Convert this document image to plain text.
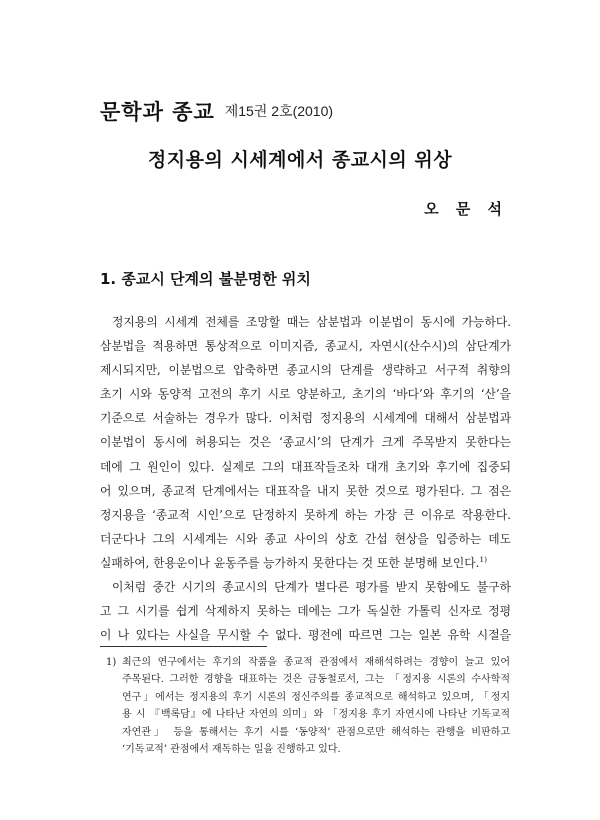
문학과 종교 제15권 2호(2010)
정지용의 시세계에서 종교시의 위상
오 문 석
1. 종교시 단계의 불분명한 위치
정지용의 시세계 전체를 조망할 때는 삼분법과 이분법이 동시에 가능하다.
삼분법을 적용하면 통상적으로 이미지즘, 종교시, 자연시(산수시)의 삼단계가
제시되지만, 이분법으로 압축하면 종교시의 단계를 생략하고 서구적 취향의
초기 시와 동양적 고전의 후기 시로 양분하고, 초기의 ‘바다’와 후기의 ‘산’을
기준으로 서술하는 경우가 많다. 이처럼 정지용의 시세계에 대해서 삼분법과
이분법이 동시에 허용되는 것은 ‘종교시’의 단계가 크게 주목받지 못한다는
데에 그 원인이 있다. 실제로 그의 대표작들조차 대개 초기와 후기에 집중되
어 있으며, 종교적 단계에서는 대표작을 내지 못한 것으로 평가된다. 그 점은
정지용을 ‘종교적 시인’으로 단정하지 못하게 하는 가장 큰 이유로 작용한다.
더군다나 그의 시세계는 시와 종교 사이의 상호 간섭 현상을 입증하는 데도
실패하여, 한용운이나 윤동주를 능가하지 못한다는 것 또한 분명해 보인다.$^{1)}$
이처럼 중간 시기의 종교시의 단계가 별다른 평가를 받지 못함에도 불구하
고 그 시기를 쉽게 삭제하지 못하는 데에는 그가 독실한 가톨릭 신자로 정평
이 나 있다는 사실을 무시할 수 없다. 평전에 따르면 그는 일본 유학 시절을
1) 최근의 연구에서는 후기의 작품을 종교적 관점에서 재해석하려는 경향이 늘고 있어
주목된다. 그러한 경향을 대표하는 것은 금동철로서, 그는 「정지용 시론의 수사학적
연구」에서는 정지용의 후기 시론의 정신주의를 종교적으로 해석하고 있으며, 「정지
용 시 『백록담』에 나타난 자연의 의미」와 「정지용 후기 자연시에 나타난 기독교적
자연관」 등을 통해서는 후기 시를 ‘동양적’ 관점으로만 해석하는 관행을 비판하고
‘기독교적’ 관점에서 재독하는 일을 진행하고 있다.
